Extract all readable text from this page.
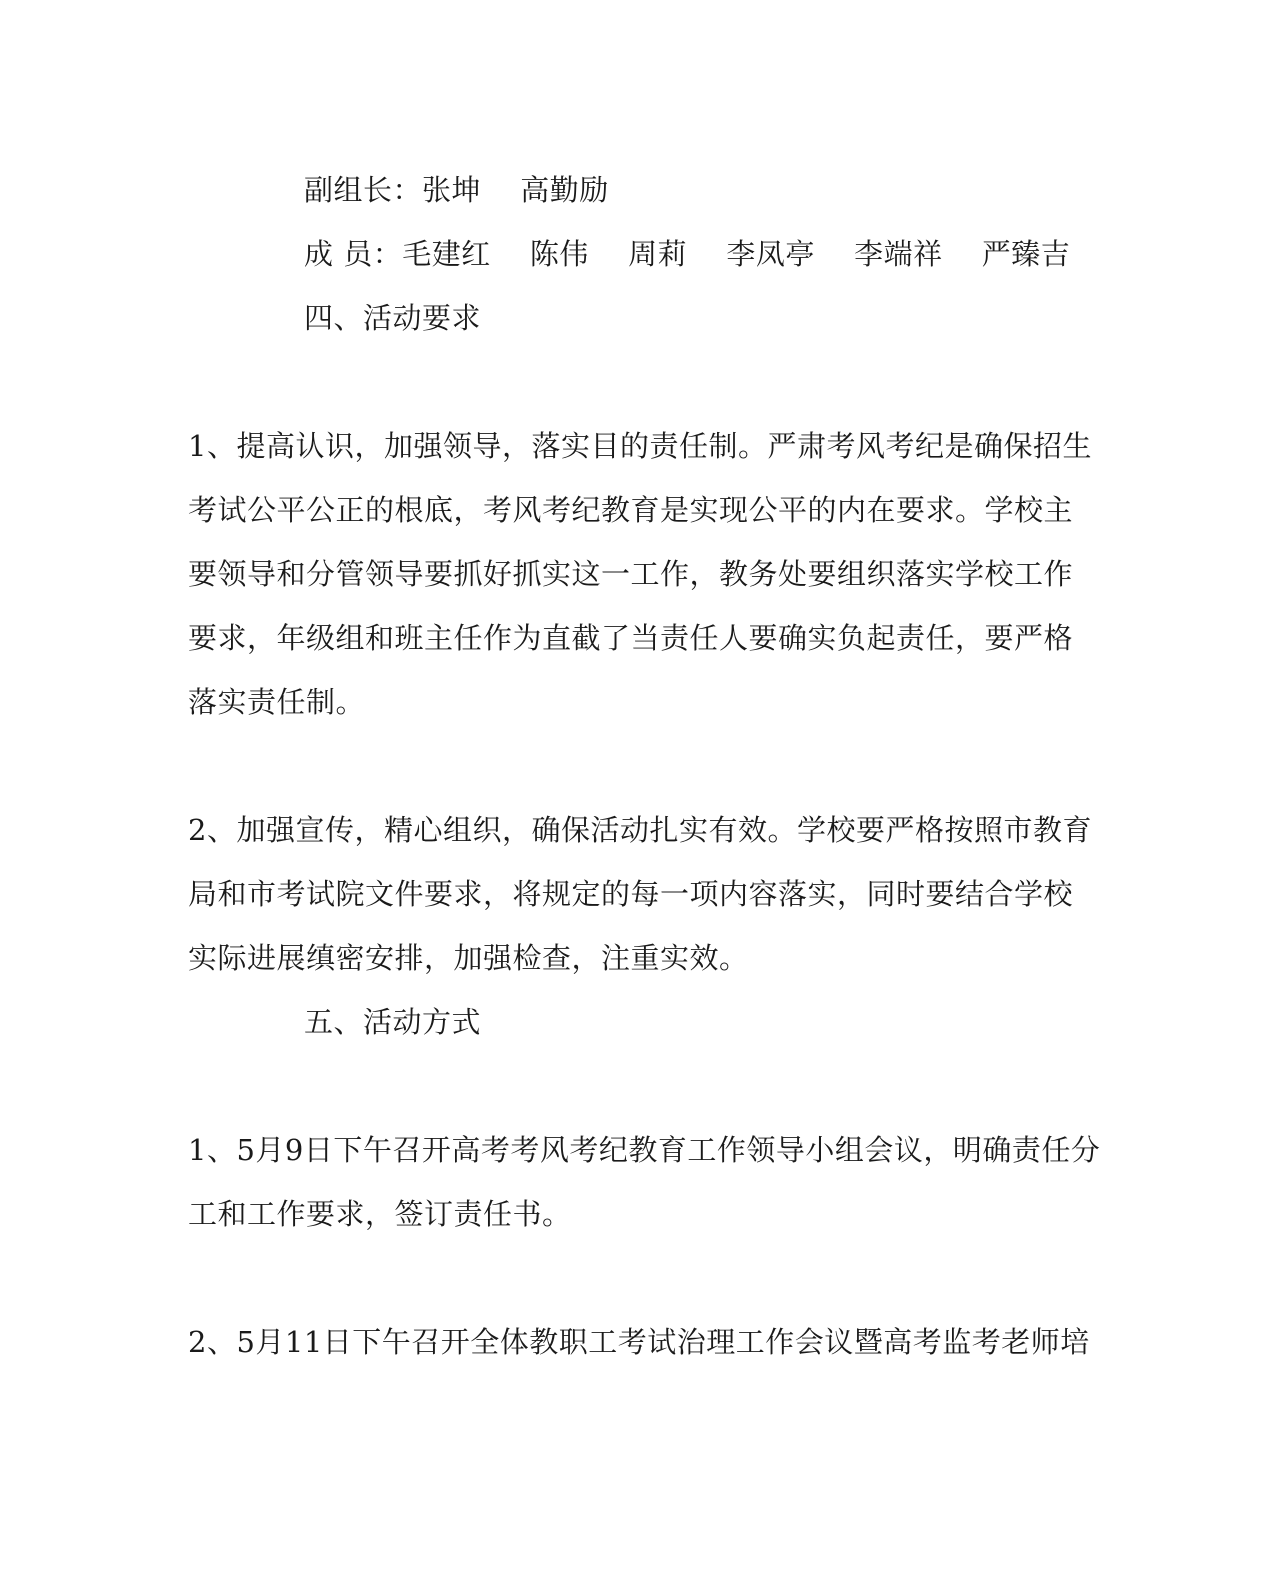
副组长：张坤　 高勤励
成 员：毛建红　 陈伟　 周莉　 李凤亭　 李端祥　 严臻吉
四、活动要求
1、提高认识，加强领导，落实目的责任制。严肃考风考纪是确保招生
考试公平公正的根底，考风考纪教育是实现公平的内在要求。学校主
要领导和分管领导要抓好抓实这一工作，教务处要组织落实学校工作
要求，年级组和班主任作为直截了当责任人要确实负起责任，要严格
落实责任制。
2、加强宣传，精心组织，确保活动扎实有效。学校要严格按照市教育
局和市考试院文件要求，将规定的每一项内容落实，同时要结合学校
实际进展缜密安排，加强检查，注重实效。
五、活动方式
1、5月9日下午召开高考考风考纪教育工作领导小组会议，明确责任分
工和工作要求，签订责任书。
2、5月11日下午召开全体教职工考试治理工作会议暨高考监考老师培
